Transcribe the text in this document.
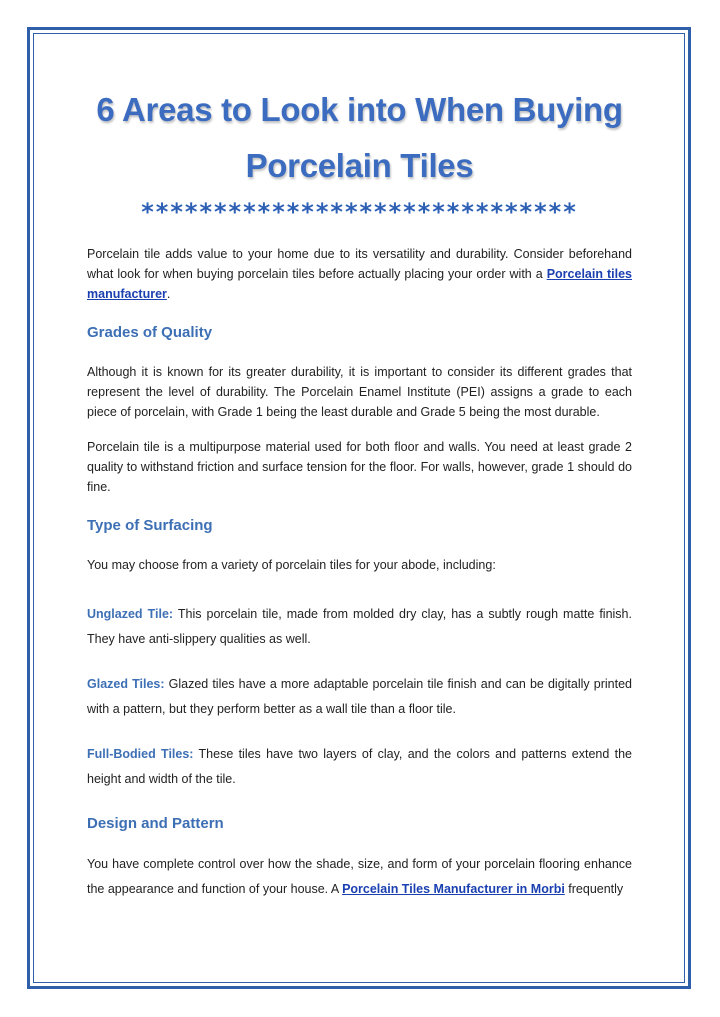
6 Areas to Look into When Buying Porcelain Tiles
******************************

Porcelain tile adds value to your home due to its versatility and durability. Consider beforehand what look for when buying porcelain tiles before actually placing your order with a Porcelain tiles manufacturer.

Grades of Quality

Although it is known for its greater durability, it is important to consider its different grades that represent the level of durability. The Porcelain Enamel Institute (PEI) assigns a grade to each piece of porcelain, with Grade 1 being the least durable and Grade 5 being the most durable.

Porcelain tile is a multipurpose material used for both floor and walls. You need at least grade 2 quality to withstand friction and surface tension for the floor. For walls, however, grade 1 should do fine.

Type of Surfacing

You may choose from a variety of porcelain tiles for your abode, including:

Unglazed Tile: This porcelain tile, made from molded dry clay, has a subtly rough matte finish. They have anti-slippery qualities as well.

Glazed Tiles: Glazed tiles have a more adaptable porcelain tile finish and can be digitally printed with a pattern, but they perform better as a wall tile than a floor tile.

Full-Bodied Tiles: These tiles have two layers of clay, and the colors and patterns extend the height and width of the tile.

Design and Pattern

You have complete control over how the shade, size, and form of your porcelain flooring enhance the appearance and function of your house. A Porcelain Tiles Manufacturer in Morbi frequently
